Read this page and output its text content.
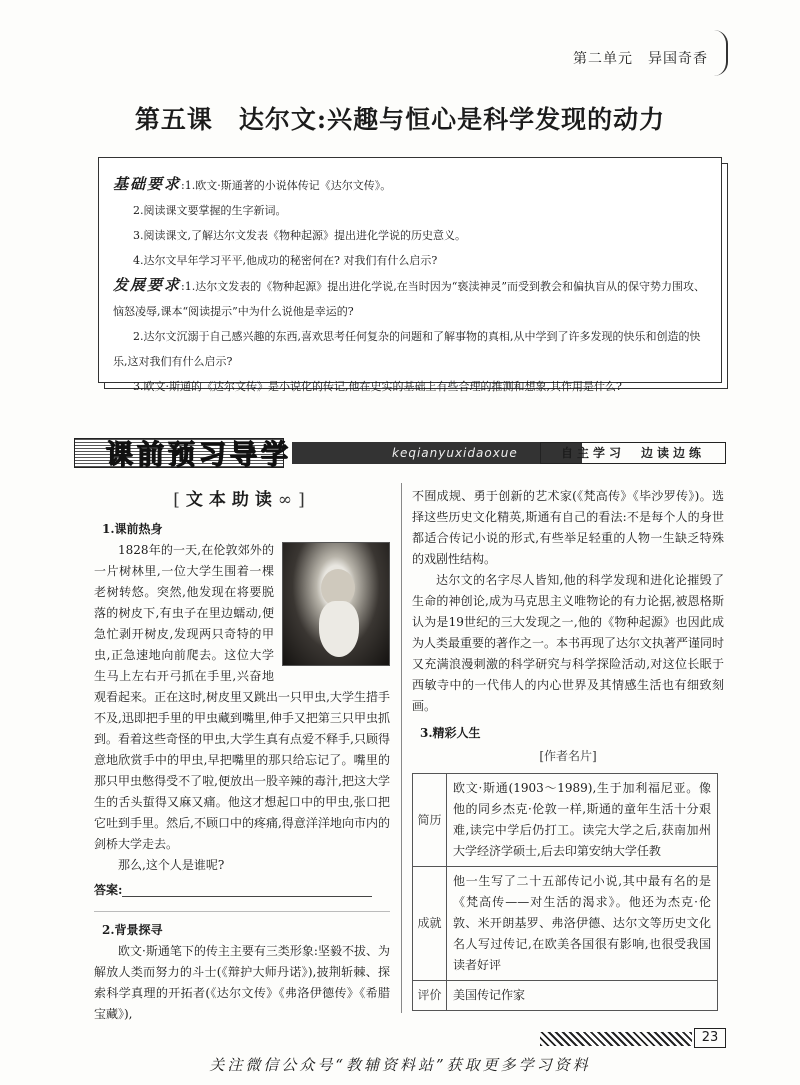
第二单元　异国奇香
第五课　达尔文:兴趣与恒心是科学发现的动力
基础要求:1.欧文·斯通著的小说体传记《达尔文传》。
2.阅读课文要掌握的生字新词。
3.阅读课文,了解达尔文发表《物种起源》提出进化学说的历史意义。
4.达尔文早年学习平平,他成功的秘密何在? 对我们有什么启示?
发展要求:1.达尔文发表的《物种起源》提出进化学说,在当时因为“亵渎神灵”而受到教会和偏执盲从的保守势力围攻、恼怒凌辱,课本“阅读提示”中为什么说他是幸运的?
2.达尔文沉溺于自己感兴趣的东西,喜欢思考任何复杂的问题和了解事物的真相,从中学到了许多发现的快乐和创造的快乐,这对我们有什么启示?
3.欧文·斯通的《达尔文传》是小说化的传记,他在史实的基础上有些合理的推测和想象,其作用是什么?
课前预习导学	keqianyuxidaoxue	自主学习　边读边练
[文本助读∞]
1.课前热身

1828年的一天,在伦敦郊外的一片树林里,一位大学生围着一棵老树转悠。突然,他发现在将要脱落的树皮下,有虫子在里边蠕动,便急忙剥开树皮,发现两只奇特的甲虫,正急速地向前爬去。这位大学生马上左右开弓抓在手里,兴奋地观看起来。正在这时,树皮里又跳出一只甲虫,大学生措手不及,迅即把手里的甲虫藏到嘴里,伸手又把第三只甲虫抓到。看着这些奇怪的甲虫,大学生真有点爱不释手,只顾得意地欣赏手中的甲虫,早把嘴里的那只给忘记了。嘴里的那只甲虫憋得受不了啦,便放出一股辛辣的毒汁,把这大学生的舌头蜇得又麻又痛。他这才想起口中的甲虫,张口把它吐到手里。然后,不顾口中的疼痛,得意洋洋地向市内的剑桥大学走去。

那么,这个人是谁呢?

答案:
2.背景探寻

欧文·斯通笔下的传主主要有三类形象:坚毅不拔、为解放人类而努力的斗士(《辩护大师丹诺》),披荆斩棘、探索科学真理的开拓者(《达尔文传》《弗洛伊德传》《希腊宝藏》),

不囿成规、勇于创新的艺术家(《梵高传》《毕沙罗传》)。选择这些历史文化精英,斯通有自己的看法:不是每个人的身世都适合传记小说的形式,有些举足轻重的人物一生缺乏特殊的戏剧性结构。

达尔文的名字尽人皆知,他的科学发现和进化论摧毁了生命的神创论,成为马克思主义唯物论的有力论据,被恩格斯认为是19世纪的三大发现之一,他的《物种起源》也因此成为人类最重要的著作之一。本书再现了达尔文执著严谨同时又充满浪漫刺激的科学研究与科学探险活动,对这位长眠于西敏寺中的一代伟人的内心世界及其情感生活也有细致刻画。

3.精彩人生
[作者名片]
简历	欧文·斯通(1903～1989),生于加利福尼亚。像他的同乡杰克·伦敦一样,斯通的童年生活十分艰难,读完中学后仍打工。读完大学之后,获南加州大学经济学硕士,后去印第安纳大学任教
成就	他一生写了二十五部传记小说,其中最有名的是《梵高传——对生活的渴求》。他还为杰克·伦敦、米开朗基罗、弗洛伊德、达尔文等历史文化名人写过传记,在欧美各国很有影响,也很受我国读者好评
评价	美国传记作家
23
关注微信公众号“教辅资料站”获取更多学习资料
